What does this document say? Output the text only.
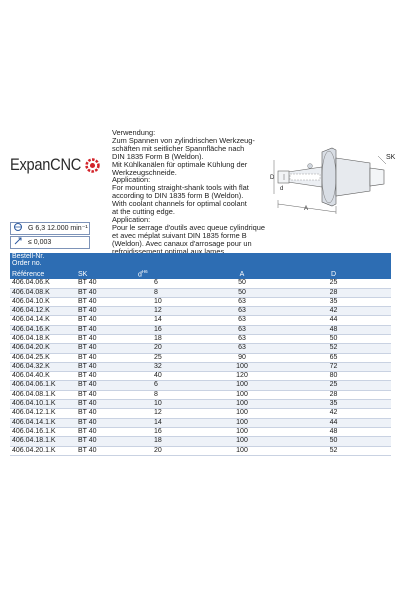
ExpanCNC

Verwendung:

Zum Spannen von zylindrischen Werkzeug-

schäften mit seitlicher Spannfläche nach

DIN 1835 Form B (Weldon).

Mit Kühlkanälen für optimale Kühlung der

Werkzeugschneide.

Application:

For mounting straight-shank tools with flat

according to DIN 1835 form B (Weldon).

With coolant channels for optimal coolant

at the cutting edge.

Application:

Pour le serrage d'outils avec queue cylindrique

et avec méplat suivant DIN 1835 forme B

(Weldon). Avec canaux d'arrosage pour un

refroidissement optimal aux lames.

SK
D
d
A
G 6,3 12.000 min⁻¹
≤ 0,003
Bestell-Nr.				
Order no.				
Référence	SK	$d^{H6}$	A	D
406.04.06.K	BT 40	6	50	25
406.04.08.K	BT 40	8	50	28
406.04.10.K	BT 40	10	63	35
406.04.12.K	BT 40	12	63	42
406.04.14.K	BT 40	14	63	44
406.04.16.K	BT 40	16	63	48
406.04.18.K	BT 40	18	63	50
406.04.20.K	BT 40	20	63	52
406.04.25.K	BT 40	25	90	65
406.04.32.K	BT 40	32	100	72
406.04.40.K	BT 40	40	120	80
406.04.06.1.K	BT 40	6	100	25
406.04.08.1.K	BT 40	8	100	28
406.04.10.1.K	BT 40	10	100	35
406.04.12.1.K	BT 40	12	100	42
406.04.14.1.K	BT 40	14	100	44
406.04.16.1.K	BT 40	16	100	48
406.04.18.1.K	BT 40	18	100	50
406.04.20.1.K	BT 40	20	100	52
